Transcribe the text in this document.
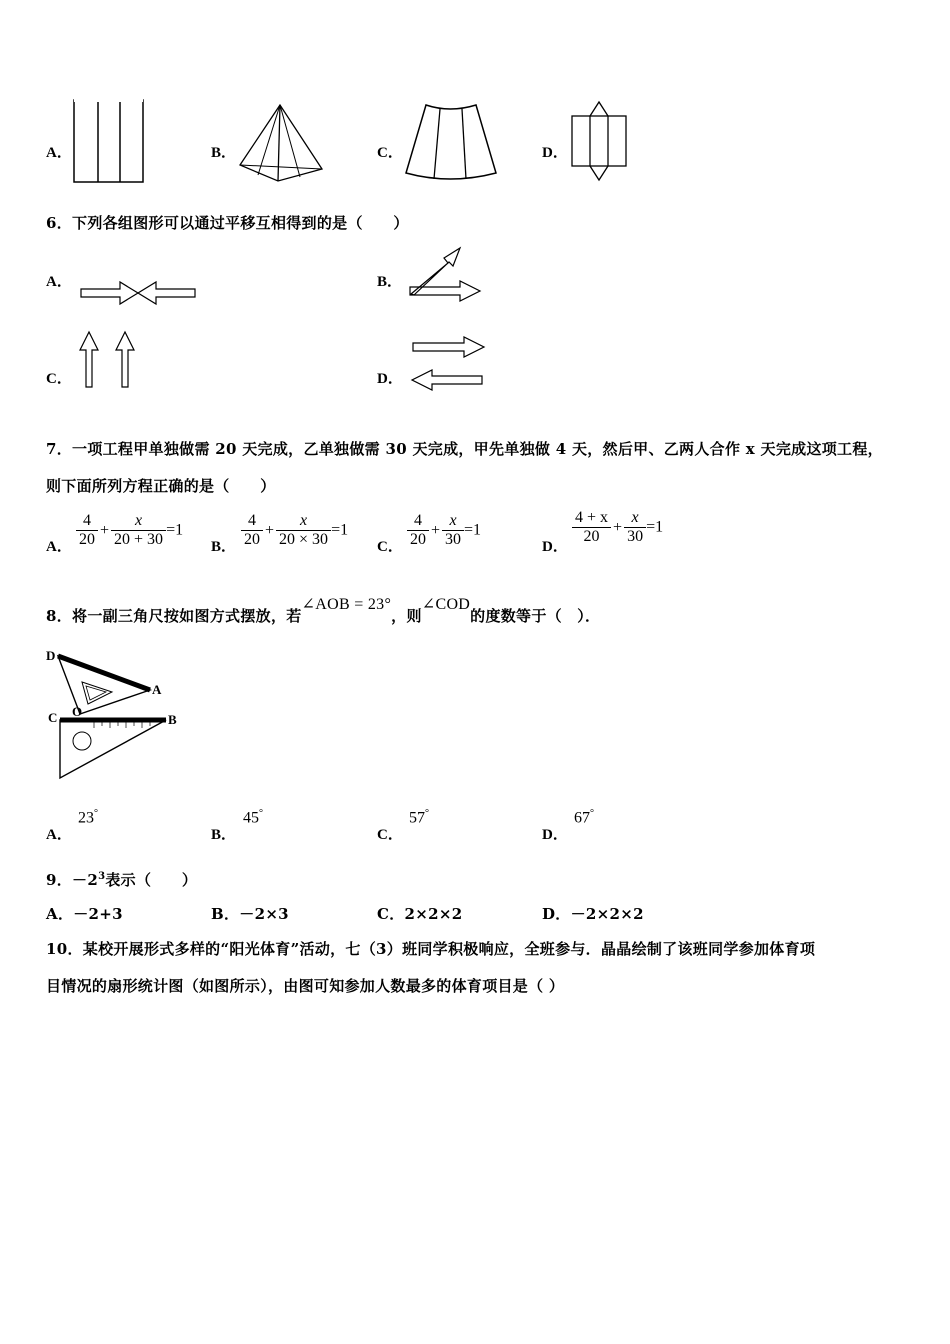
A．	B．	C．	D．
6．下列各组图形可以通过平移互相得到的是（　　）
A．	B．
C．	D．
7．一项工程甲单独做需 20 天完成，乙单独做需 30 天完成，甲先单独做 4 天，然后甲、乙两人合作 x 天完成这项工程，
则下面所列方程正确的是（　　）
A． $\frac{4}{20} + \frac{x}{20 + 30} =1$
B． $\frac{4}{20} + \frac{x}{20 \times 30} =1$
C． $\frac{4}{20} + \frac{x}{30} =1$
D．
$\frac{4 + x}{20} + \frac{x}{30} =1$
8．将一副三角尺按如图方式摆放，若∠AOB = 23°，则∠COD的度数等于（　）．
D
A
C O
B
A．
23°
B．
45°
C．
57°
D．
67°
9．$-2^3$表示（　　）
A．－2+3	B．－2×3	C．2×2×2	D．－2×2×2
10．某校开展形式多样的“阳光体育”活动，七（3）班同学积极响应，全班参与．晶晶绘制了该班同学参加体育项
目情况的扇形统计图（如图所示），由图可知参加人数最多的体育项目是（ ）
